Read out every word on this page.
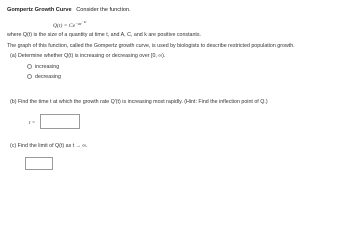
Gompertz Growth Curve Consider the function.
$Q(t) = Ce^{-ae^{-kt}}$
where Q(t) is the size of a quantity at time t, and A, C, and k are positive constants.
The graph of this function, called the Gompertz growth curve, is used by biologists to describe restricted population growth.
(a) Determine whether Q(t) is increasing or decreasing over [0, ∞).
increasing
decreasing
(b) Find the time t at which the growth rate Q′(t) is increasing most rapidly. (Hint: Find the inflection point of Q.)
t =
(c) Find the limit of Q(t) as t → ∞.
